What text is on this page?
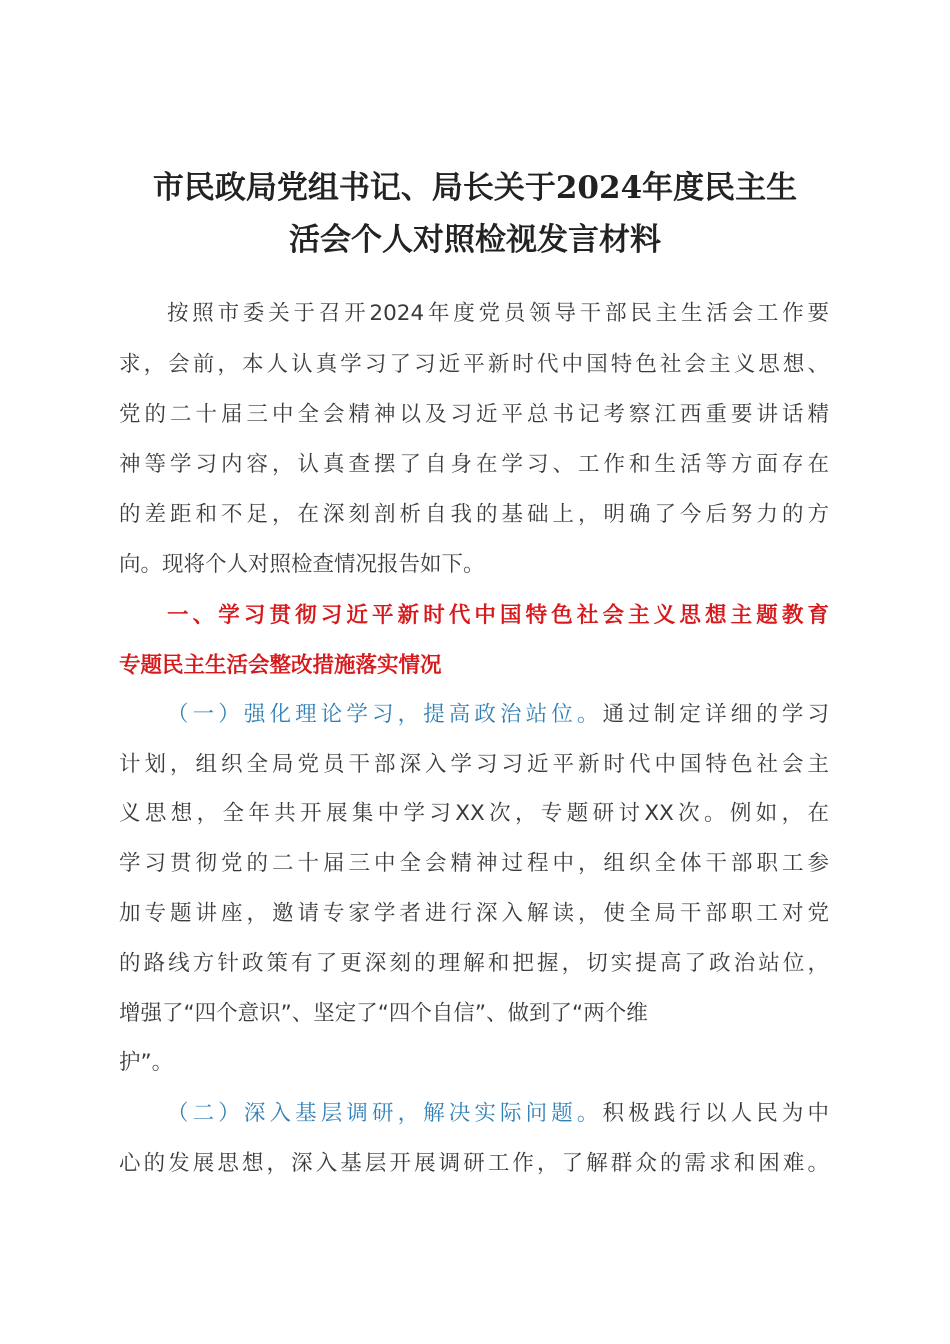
市民政局党组书记、局长关于2024年度民主生
活会个人对照检视发言材料
按照市委关于召开2024年度党员领导干部民主生活会工作要
求，会前，本人认真学习了习近平新时代中国特色社会主义思想、
党的二十届三中全会精神以及习近平总书记考察江西重要讲话精
神等学习内容，认真查摆了自身在学习、工作和生活等方面存在
的差距和不足，在深刻剖析自我的基础上，明确了今后努力的方
向。现将个人对照检查情况报告如下。
一、学习贯彻习近平新时代中国特色社会主义思想主题教育
专题民主生活会整改措施落实情况
（一）强化理论学习，提高政治站位。通过制定详细的学习
计划，组织全局党员干部深入学习习近平新时代中国特色社会主
义思想，全年共开展集中学习XX次，专题研讨XX次。例如，在
学习贯彻党的二十届三中全会精神过程中，组织全体干部职工参
加专题讲座，邀请专家学者进行深入解读，使全局干部职工对党
的路线方针政策有了更深刻的理解和把握，切实提高了政治站位，
增强了“四个意识”、坚定了“四个自信”、做到了“两个维
护”。
（二）深入基层调研，解决实际问题。积极践行以人民为中
心的发展思想，深入基层开展调研工作，了解群众的需求和困难。
